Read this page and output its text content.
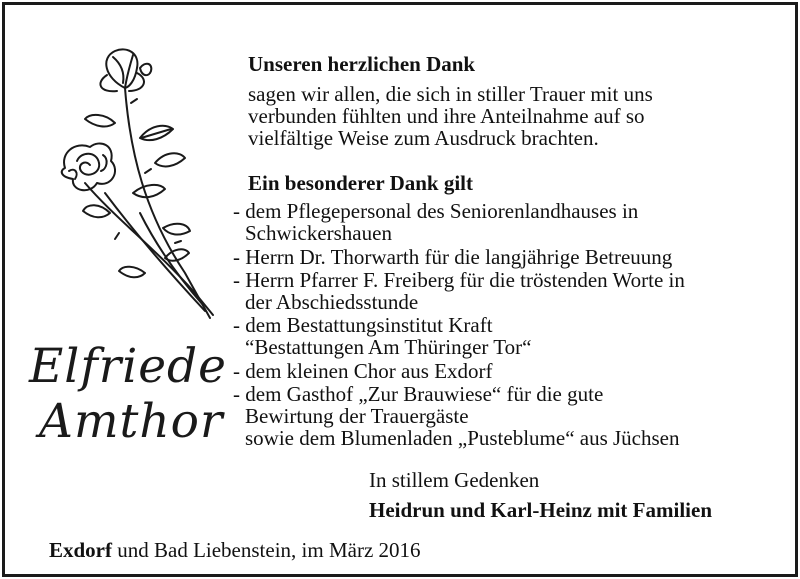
Elfriede
Amthor
Unseren herzlichen Dank
sagen wir allen, die sich in stiller Trauer mit uns
verbunden fühlten und ihre Anteilnahme auf so
vielfältige Weise zum Ausdruck brachten.
Ein besonderer Dank gilt
- dem Pflegepersonal des Seniorenlandhauses in
Schwickershauen
- Herrn Dr. Thorwarth für die langjährige Betreuung
- Herrn Pfarrer F. Freiberg für die tröstenden Worte in
der Abschiedsstunde
- dem Bestattungsinstitut Kraft
“Bestattungen Am Thüringer Tor“
- dem kleinen Chor aus Exdorf
- dem Gasthof „Zur Brauwiese“ für die gute
Bewirtung der Trauergäste
sowie dem Blumenladen „Pusteblume“ aus Jüchsen
In stillem Gedenken
Heidrun und Karl-Heinz mit Familien
Exdorf und Bad Liebenstein, im März 2016
